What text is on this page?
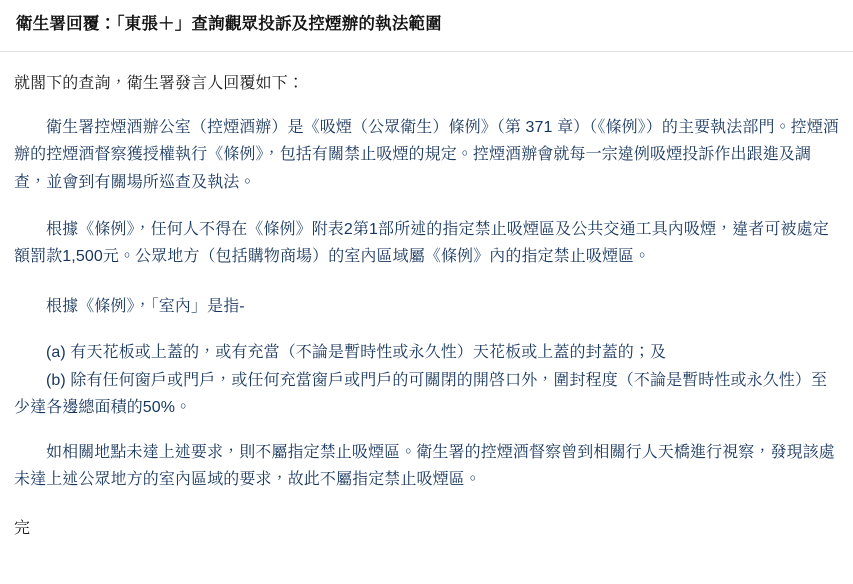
衛生署回覆：「東張＋」查詢觀眾投訴及控煙辦的執法範圍

就閣下的查詢，衛生署發言人回覆如下：

衛生署控煙酒辦公室（控煙酒辦）是《吸煙（公眾衛生）條例》（第 371 章）（《條例》）的主要執法部門。控煙酒辦的控煙酒督察獲授權執行《條例》，包括有關禁止吸煙的規定。控煙酒辦會就每一宗違例吸煙投訴作出跟進及調查，並會到有關場所巡查及執法。

根據《條例》，任何人不得在《條例》附表2第1部所述的指定禁止吸煙區及公共交通工具內吸煙，違者可被處定額罰款1,500元。公眾地方（包括購物商場）的室內區域屬《條例》內的指定禁止吸煙區。

根據《條例》，「室內」是指-

(a) 有天花板或上蓋的，或有充當（不論是暫時性或永久性）天花板或上蓋的封蓋的；及

(b) 除有任何窗戶或門戶，或任何充當窗戶或門戶的可關閉的開啓口外，圍封程度（不論是暫時性或永久性）至少達各邊總面積的50%。

如相關地點未達上述要求，則不屬指定禁止吸煙區。衛生署的控煙酒督察曾到相關行人天橋進行視察，發現該處未達上述公眾地方的室內區域的要求，故此不屬指定禁止吸煙區。

完
